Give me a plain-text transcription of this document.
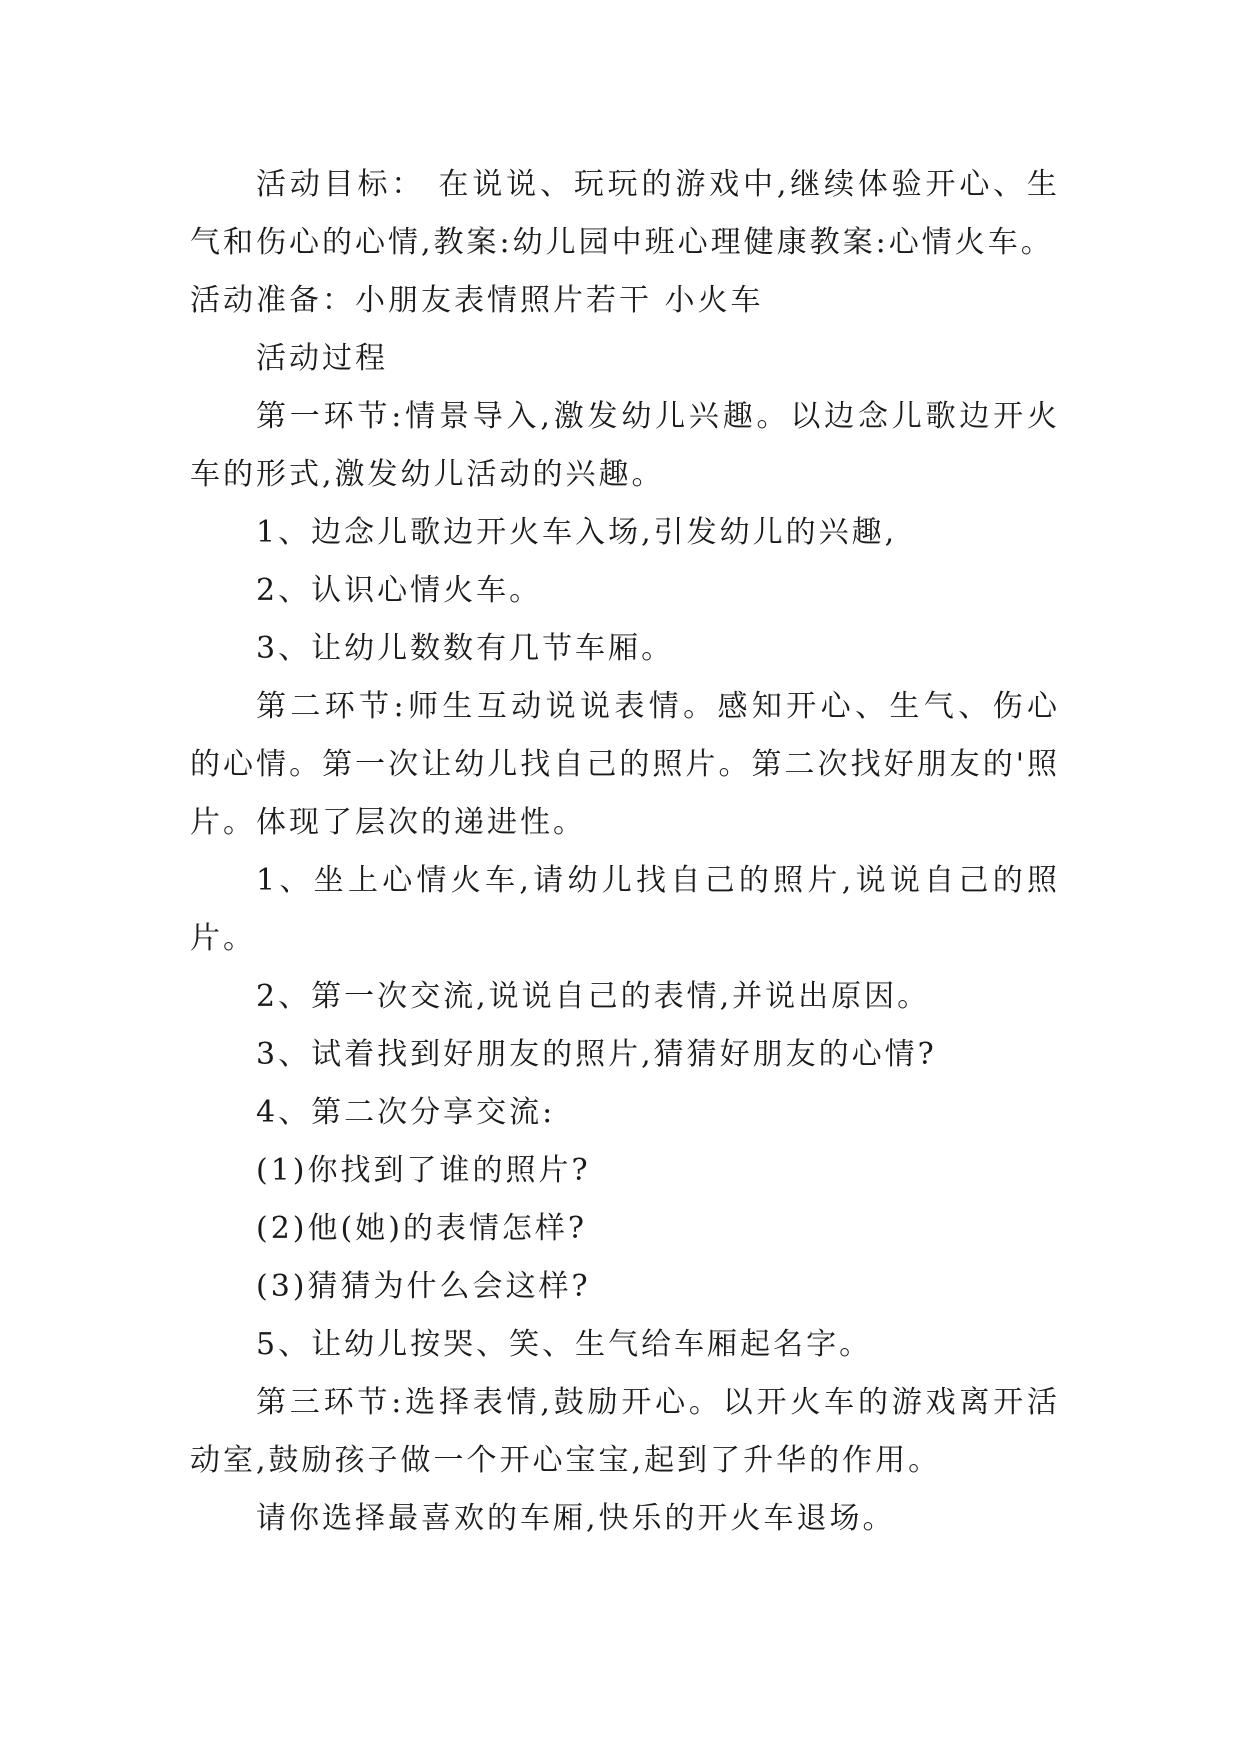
活动目标： 在说说、玩玩的游戏中,继续体验开心、生气和伤心的心情,教案:幼儿园中班心理健康教案:心情火车。

活动准备：小朋友表情照片若干 小火车

活动过程

第一环节:情景导入,激发幼儿兴趣。以边念儿歌边开火车的形式,激发幼儿活动的兴趣。

1、边念儿歌边开火车入场,引发幼儿的兴趣,

2、认识心情火车。

3、让幼儿数数有几节车厢。

第二环节:师生互动说说表情。感知开心、生气、伤心的心情。第一次让幼儿找自己的照片。第二次找好朋友的'照片。体现了层次的递进性。

1、坐上心情火车,请幼儿找自己的照片,说说自己的照片。

2、第一次交流,说说自己的表情,并说出原因。

3、试着找到好朋友的照片,猜猜好朋友的心情?

4、第二次分享交流:

(1)你找到了谁的照片?

(2)他(她)的表情怎样?

(3)猜猜为什么会这样?

5、让幼儿按哭、笑、生气给车厢起名字。

第三环节:选择表情,鼓励开心。以开火车的游戏离开活动室,鼓励孩子做一个开心宝宝,起到了升华的作用。

请你选择最喜欢的车厢,快乐的开火车退场。
